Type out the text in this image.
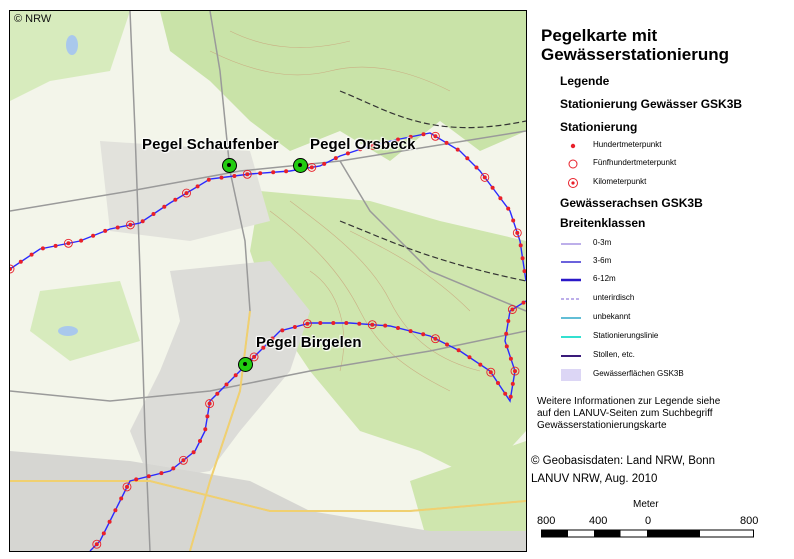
© NRW
Pegel Schaufenber Pegel Orsbeck
Pegel Birgelen
Pegelkarte mit Gewässerstationierung
Legende
Stationierung Gewässer GSK3B
Stationierung
Hundertmeterpunkt
Fünfhundertmeterpunkt
Kilometerpunkt
Gewässerachsen GSK3B
Breitenklassen
0-3m
3-6m
6-12m
unterirdisch
unbekannt
Stationierungslinie
Stollen, etc.
Gewässerflächen GSK3B
Weitere Informationen zur Legende siehe
auf den LANUV-Seiten zum Suchbegriff
Gewässerstationierungskarte
© Geobasisdaten: Land NRW, Bonn
LANUV NRW, Aug. 2010
Meter
800	400	0	800
